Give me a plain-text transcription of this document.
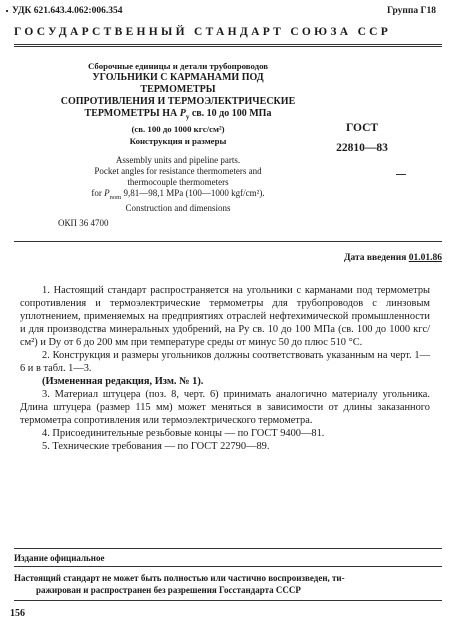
УДК 621.643.4.062:006.354	Группа Г18
ГОСУДАРСТВЕННЫЙ СТАНДАРТ СОЮЗА ССР
Сборочные единицы и детали трубопроводов
УГОЛЬНИКИ С КАРМАНАМИ ПОД ТЕРМОМЕТРЫ
СОПРОТИВЛЕНИЯ И ТЕРМОЭЛЕКТРИЧЕСКИЕ
ТЕРМОМЕТРЫ НА $P_у$ св. 10 до 100 МПа
(св. 100 до 1000 кгс/см²)
Конструкция и размеры
Assembly units and pipeline parts.
Pocket angles for resistance thermometers and
thermocouple thermometers
for $P_{nom}$ 9,81—98,1 MPa (100—1000 kgf/cm²).
Construction and dimensions
ОКП 36 4700
ГОСТ
22810—83
Дата введения 01.01.86

1. Настоящий стандарт распространяется на угольники с карманами под термометры сопротивления и термоэлектрические термометры для трубопроводов с линзовым уплотнением, применяемых на предприятиях отраслей нефтехимической промышленности и для производства минеральных удобрений, на Pу св. 10 до 100 МПа (св. 100 до 1000 кгс/см²) и Dу от 6 до 200 мм при температуре среды от минус 50 до плюс 510 °С.

2. Конструкция и размеры угольников должны соответствовать указанным на черт. 1—6 и в табл. 1—3.

(Измененная редакция, Изм. № 1).

3. Материал штуцера (поз. 8, черт. 6) принимать аналогично материалу угольника. Длина штуцера (размер 115 мм) может меняться в зависимости от длины заказанного термометра сопротивления или термоэлектрического термометра.

4. Присоединительные резьбовые концы — по ГОСТ 9400—81.

5. Технические требования — по ГОСТ 22790—89.

Издание официальное
Настоящий стандарт не может быть полностью или частично воспроизведен, ти-
ражирован и распространен без разрешения Госстандарта СССР
156
